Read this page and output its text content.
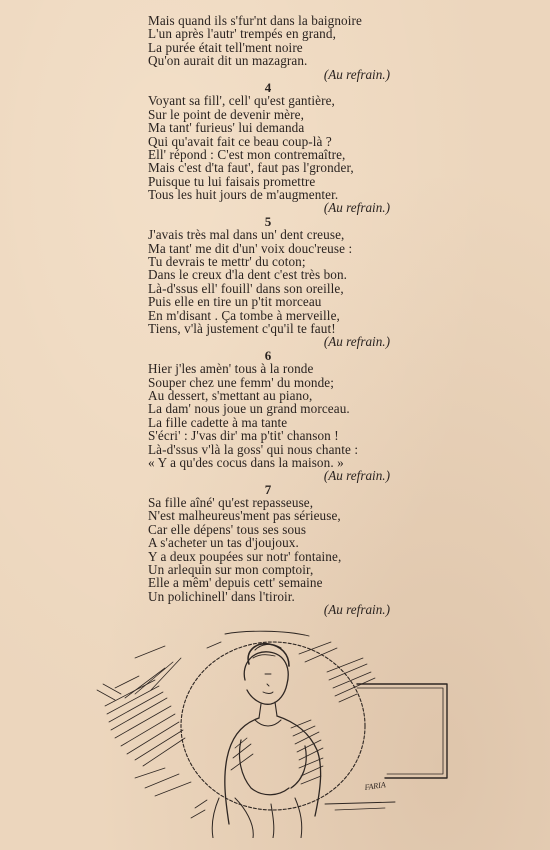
Mais quand ils s'fur'nt dans la baignoire
L'un après l'autr' trempés en grand,
La purée était tell'ment noire
Qu'on aurait dit un mazagran.
(Au refrain.)
4
Voyant sa fill', cell' qu'est gantière,
Sur le point de devenir mère,
Ma tant' furieus' lui demanda
Qui qu'avait fait ce beau coup-là ?
Ell' répond : C'est mon contremaître,
Mais c'est d'ta faut', faut pas l'gronder,
Puisque tu lui faisais promettre
Tous les huit jours de m'augmenter.
(Au refrain.)
5
J'avais très mal dans un' dent creuse,
Ma tant' me dit d'un' voix douc'reuse :
Tu devrais te mettr' du coton;
Dans le creux d'la dent c'est très bon.
Là-d'ssus ell' fouill' dans son oreille,
Puis elle en tire un p'tit morceau
En m'disant . Ça tombe à merveille,
Tiens, v'là justement c'qu'il te faut!
(Au refrain.)
6
Hier j'les amèn' tous à la ronde
Souper chez une femm' du monde;
Au dessert, s'mettant au piano,
La dam' nous joue un grand morceau.
La fille cadette à ma tante
S'écri' : J'vas dir' ma p'tit' chanson !
Là-d'ssus v'là la goss' qui nous chante :
« Y a qu'des cocus dans la maison. »
(Au refrain.)
7
Sa fille aîné' qu'est repasseuse,
N'est malheureus'ment pas sérieuse,
Car elle dépens' tous ses sous
A s'acheter un tas d'joujoux.
Y a deux poupées sur notr' fontaine,
Un arlequin sur mon comptoir,
Elle a mêm' depuis cett' semaine
Un polichinell' dans l'tiroir.
(Au refrain.)
FARIA
